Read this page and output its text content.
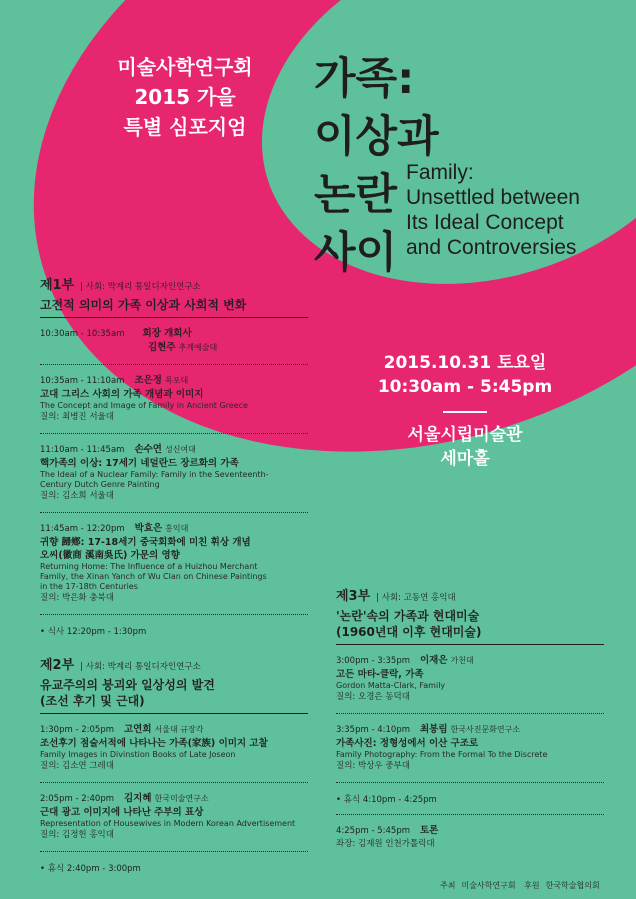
미술사학연구회
2015 가을
특별 심포지엄
가족:
이상과
논란
사이
Family:
Unsettled between
Its Ideal Concept
and Controversies
2015.10.31 토요일
10:30am - 5:45pm
서울시립미술관
세마홀
제1부 | 사회: 박계리 통일디자인연구소
고전적 의미의 가족 이상과 사회적 변화
10:30am - 10:35am 회장 개회사
김현주 추계예술대
10:35am - 11:10am 조은정 목포대
고대 그리스 사회의 가족 개념과 이미지
The Concept and Image of Family in Ancient Greece
질의: 최병진 서울대
11:10am - 11:45am 손수연 성신여대
핵가족의 이상: 17세기 네덜란드 장르화의 가족
The Ideal of a Nuclear Family: Family in the Seventeenth-
Century Dutch Genre Painting
질의: 김소희 서울대
11:45am - 12:20pm 박효은 홍익대
귀향 歸鄕: 17-18세기 중국회화에 미친 휘상 개념
오씨(徽商 溪南吳氏) 가문의 영향
Returning Home: The Influence of a Huizhou Merchant
Family, the Xinan Yanch of Wu Clan on Chinese Paintings
in the 17-18th Centuries
질의: 박은화 충북대
• 식사 12:20pm - 1:30pm
제2부 | 사회: 박계리 통일디자인연구소
유교주의의 붕괴와 일상성의 발견
(조선 후기 및 근대)
1:30pm - 2:05pm 고연희 서울대 규장각
조선후기 점술서적에 나타나는 가족(家族) 이미지 고찰
Family Images in Divinstion Books of Late Joseon
질의: 김소연 그레대
2:05pm - 2:40pm 김지혜 한국미술연구소
근대 광고 이미지에 나타난 주부의 표상
Representation of Housewives in Modern Korean Advertisement
질의: 김정헌 홍익대
• 휴식 2:40pm - 3:00pm
제3부 | 사회: 고동연 홍익대
'논란'속의 가족과 현대미술
(1960년대 이후 현대미술)
3:00pm - 3:35pm 이재은 가천대
고든 마타-클락, 가족
Gordon Matta-Clark, Family
질의: 오경은 동덕대
3:35pm - 4:10pm 최봉림 한국사진문화연구소
가족사진: 정형성에서 이산 구조로
Family Photography: From the Formal To the Discrete
질의: 박상우 중부대
• 휴식 4:10pm - 4:25pm
4:25pm - 5:45pm 토론
좌장: 김재원 인천가톨릭대
주최 미술사학연구회 후원 한국학술협의회
